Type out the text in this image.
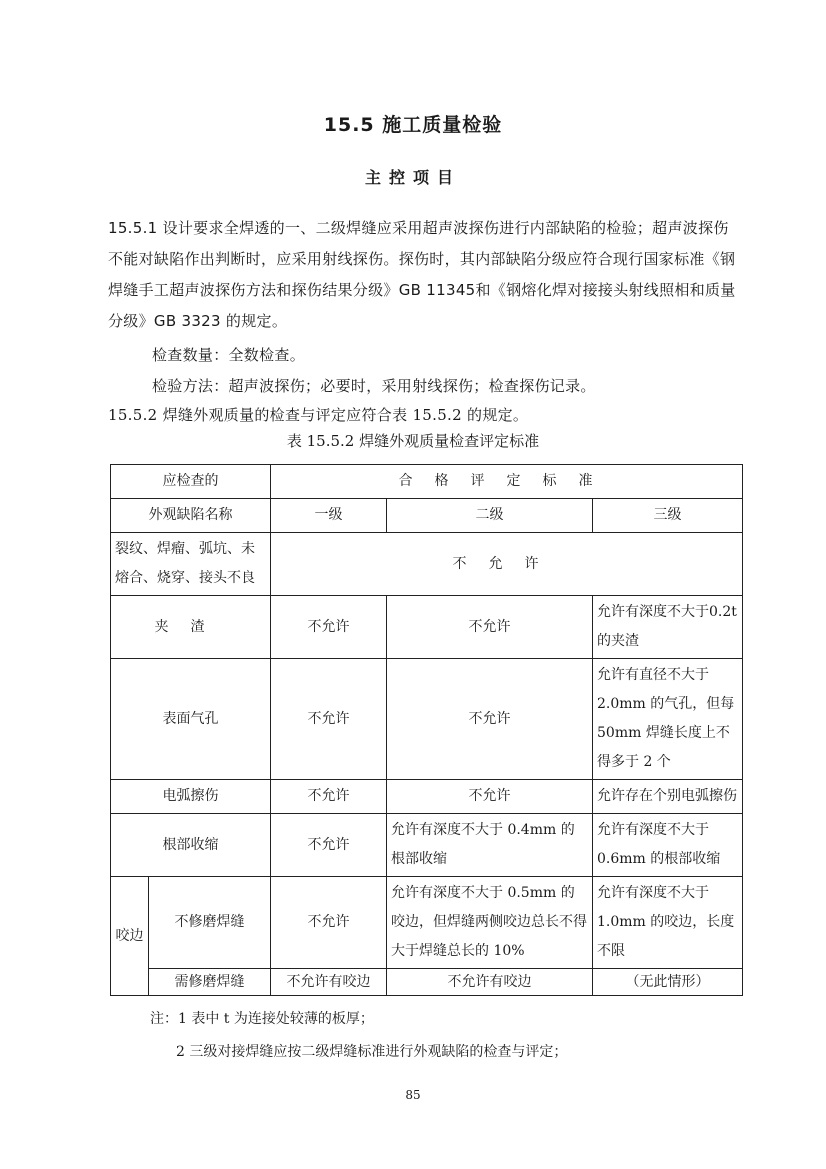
15.5 施工质量检验
主控项目
15.5.1 设计要求全焊透的一、二级焊缝应采用超声波探伤进行内部缺陷的检验；超声波探伤不能对缺陷作出判断时，应采用射线探伤。探伤时，其内部缺陷分级应符合现行国家标准《钢焊缝手工超声波探伤方法和探伤结果分级》GB 11345和《钢熔化焊对接接头射线照相和质量分级》GB 3323 的规定。
检查数量：全数检查。
检验方法：超声波探伤；必要时，采用射线探伤；检查探伤记录。
15.5.2 焊缝外观质量的检查与评定应符合表 15.5.2 的规定。
表 15.5.2 焊缝外观质量检查评定标准
应检查的		合格评定标准		
外观缺陷名称		一级	二级	三级
裂纹、焊瘤、弧坑、未熔合、烧穿、接头不良		不允许		
夹渣		不允许	不允许	允许有深度不大于0.2t 的夹渣
表面气孔		不允许	不允许	允许有直径不大于2.0mm 的气孔，但每 50mm 焊缝长度上不得多于 2 个
电弧擦伤		不允许	不允许	允许存在个别电弧擦伤
根部收缩		不允许	允许有深度不大于 0.4mm 的根部收缩	允许有深度不大于0.6mm 的根部收缩
咬边	不修磨焊缝	不允许	允许有深度不大于 0.5mm 的咬边，但焊缝两侧咬边总长不得大于焊缝总长的 10%	允许有深度不大于1.0mm 的咬边，长度不限
	需修磨焊缝	不允许有咬边	不允许有咬边	（无此情形）
注：1 表中 t 为连接处较薄的板厚；
2 三级对接焊缝应按二级焊缝标准进行外观缺陷的检查与评定；
85
